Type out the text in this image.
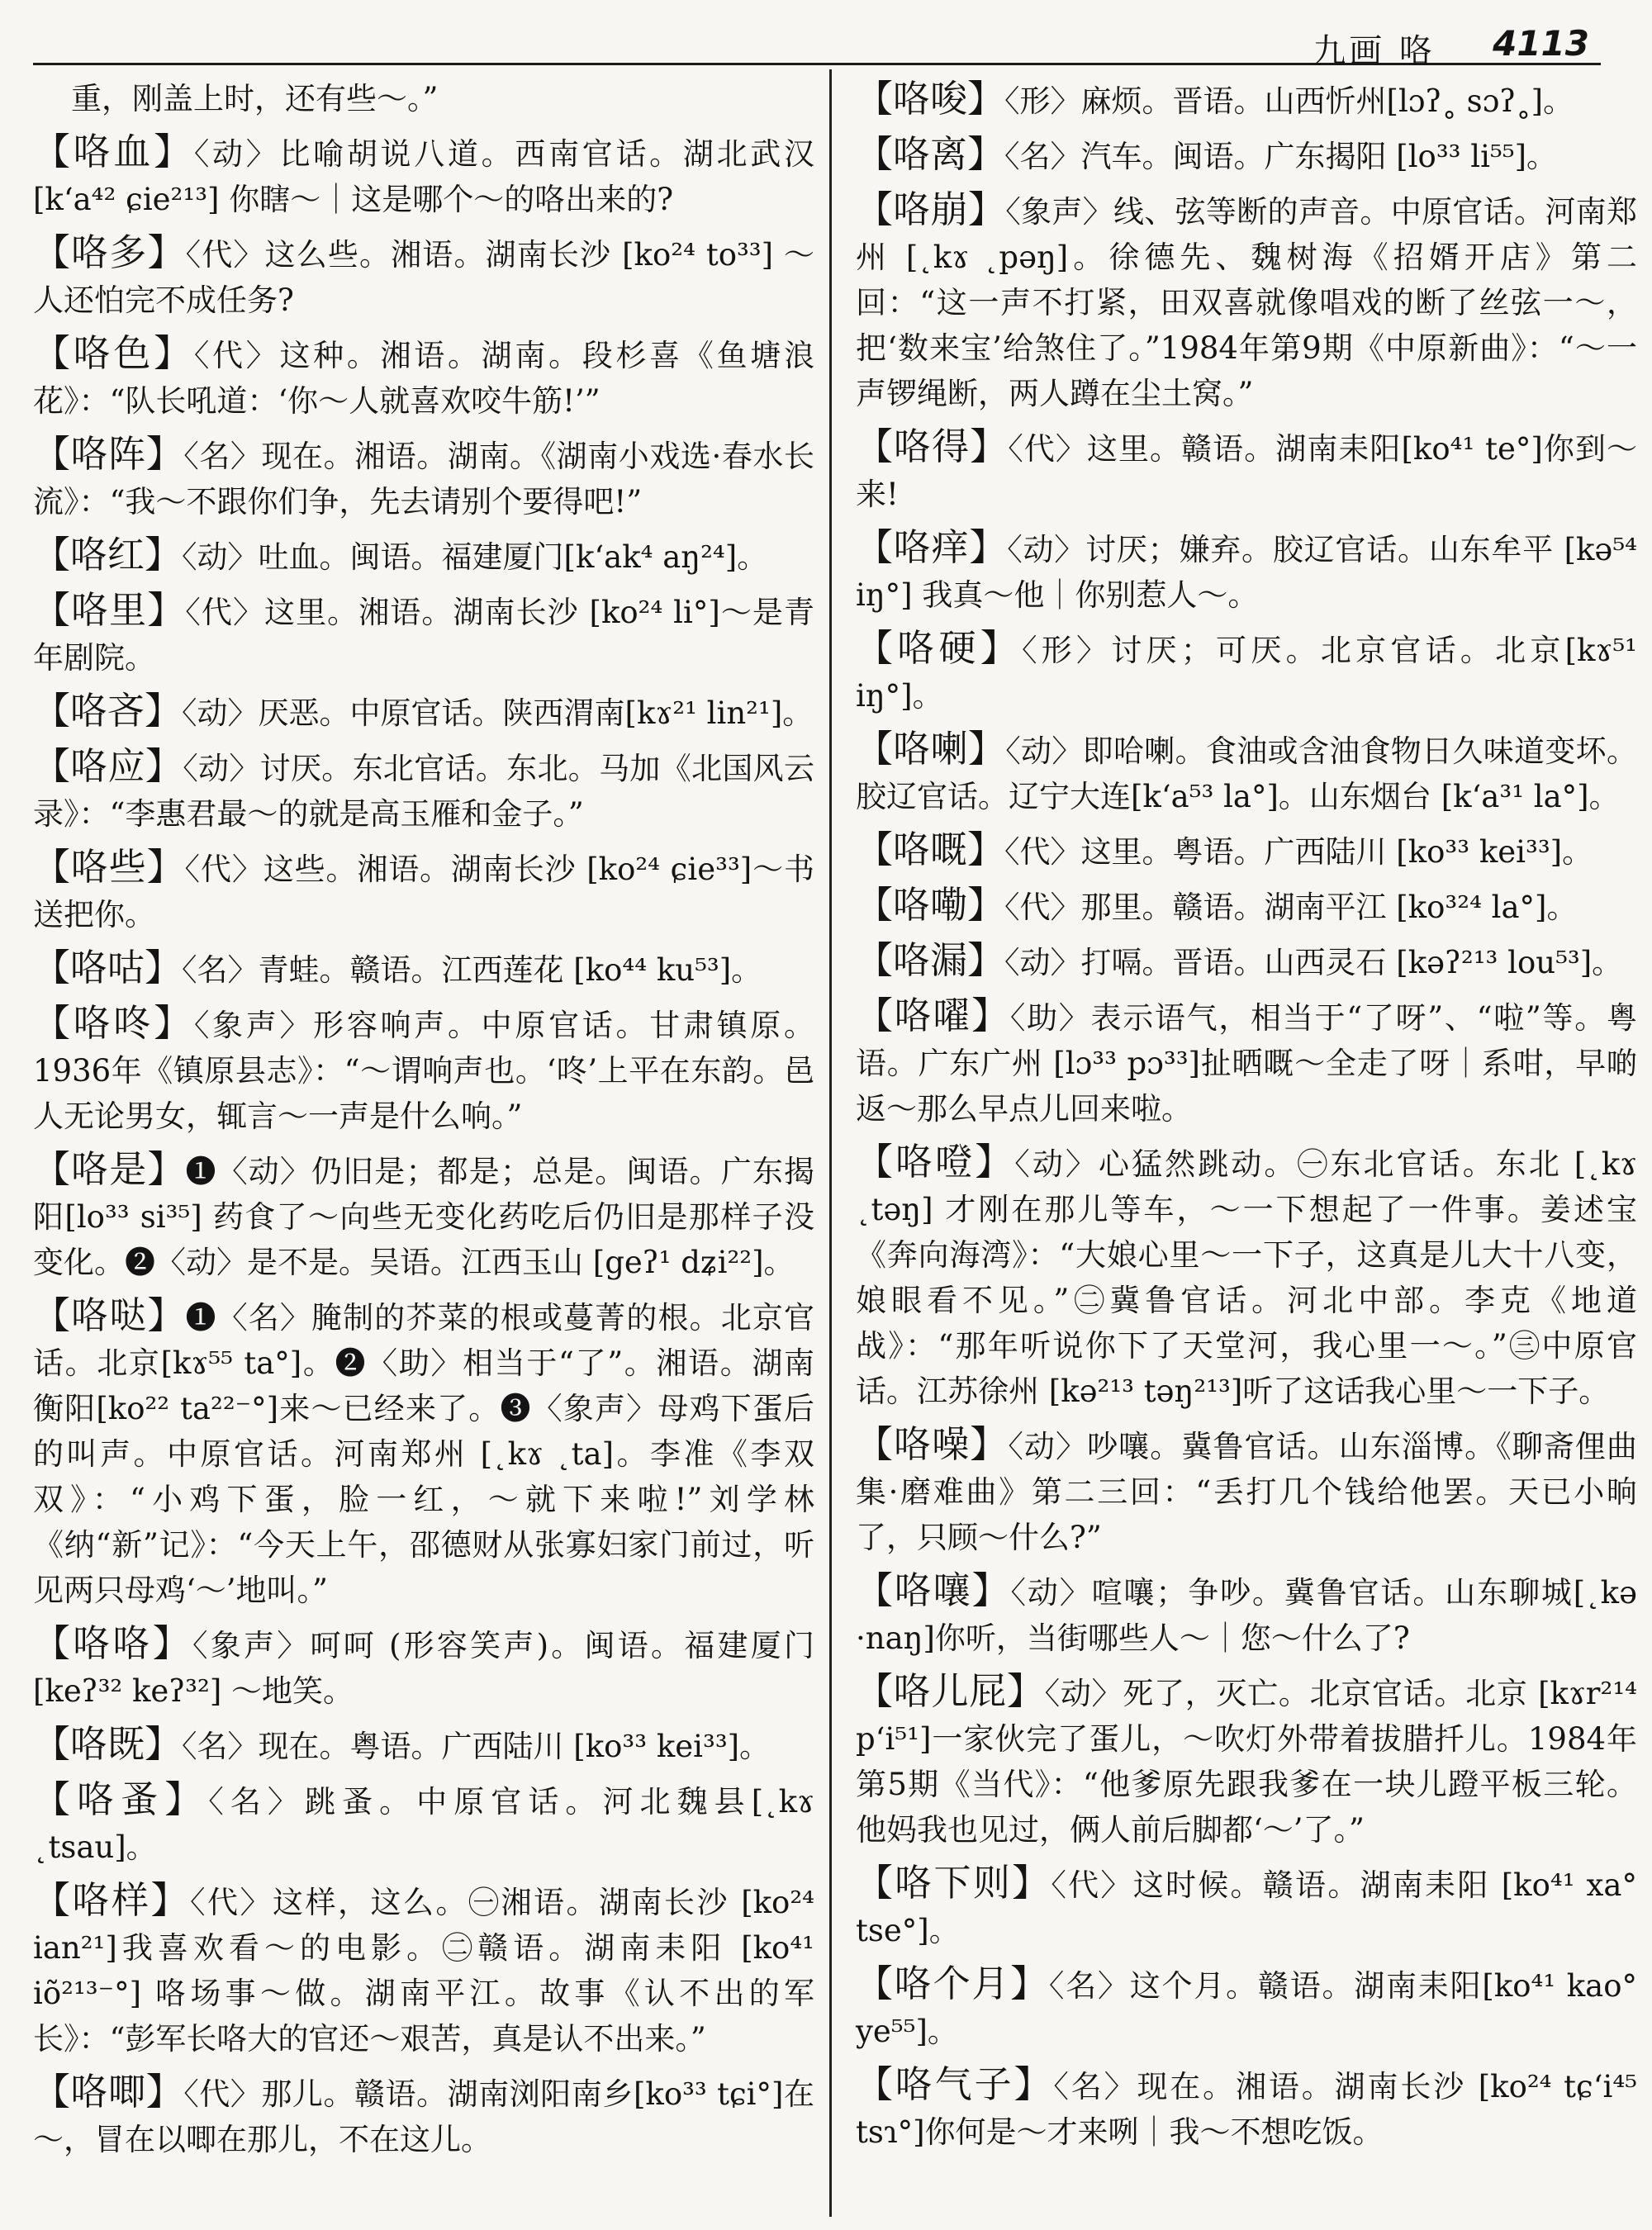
九画 咯 4113
重，刚盖上时，还有些～。”
【咯血】〈动〉比喻胡说八道。西南官话。湖北武汉[k‘a⁴² ɕie²¹³] 你瞎～｜这是哪个～的咯出来的?
【咯多】〈代〉这么些。湘语。湖南长沙 [ko²⁴ to³³] ～人还怕完不成任务?
【咯色】〈代〉这种。湘语。湖南。段杉喜《鱼塘浪花》：“队长吼道：‘你～人就喜欢咬牛筋!’”
【咯阵】〈名〉现在。湘语。湖南。《湖南小戏选·春水长流》：“我～不跟你们争，先去请别个要得吧!”
【咯红】〈动〉吐血。闽语。福建厦门[k‘ak⁴ aŋ²⁴]。
【咯里】〈代〉这里。湘语。湖南长沙 [ko²⁴ li°]～是青年剧院。
【咯吝】〈动〉厌恶。中原官话。陕西渭南[kɤ²¹ lin²¹]。
【咯应】〈动〉讨厌。东北官话。东北。马加《北国风云录》：“李惠君最～的就是高玉雁和金子。”
【咯些】〈代〉这些。湘语。湖南长沙 [ko²⁴ ɕie³³]～书送把你。
【咯咕】〈名〉青蛙。赣语。江西莲花 [ko⁴⁴ ku⁵³]。
【咯咚】〈象声〉形容响声。中原官话。甘肃镇原。1936年《镇原县志》：“～谓响声也。‘咚’上平在东韵。邑人无论男女，辄言～一声是什么响。”
【咯是】❶〈动〉仍旧是；都是；总是。闽语。广东揭阳[lo³³ si³⁵] 药食了～向些无变化药吃后仍旧是那样子没变化。❷〈动〉是不是。吴语。江西玉山 [geʔ¹ dʑi²²]。
【咯哒】❶〈名〉腌制的芥菜的根或蔓菁的根。北京官话。北京[kɤ⁵⁵ ta°]。❷〈助〉相当于“了”。湘语。湖南衡阳[ko²² ta²²⁻°]来～已经来了。❸〈象声〉母鸡下蛋后的叫声。中原官话。河南郑州 [˛kɤ ˛ta]。李准《李双双》：“小鸡下蛋，脸一红，～就下来啦!”刘学林《纳“新”记》：“今天上午，邵德财从张寡妇家门前过，听见两只母鸡‘～’地叫。”
【咯咯】〈象声〉呵呵 (形容笑声)。闽语。福建厦门 [keʔ³² keʔ³²] ～地笑。
【咯既】〈名〉现在。粤语。广西陆川 [ko³³ kei³³]。
【咯蚤】〈名〉跳蚤。中原官话。河北魏县[˛kɤ ˛tsau]。
【咯样】〈代〉这样，这么。㊀湘语。湖南长沙 [ko²⁴ ian²¹]我喜欢看～的电影。㊁赣语。湖南耒阳 [ko⁴¹ iõ²¹³⁻°] 咯场事～做。湖南平江。故事《认不出的军长》：“彭军长咯大的官还～艰苦，真是认不出来。”
【咯唧】〈代〉那儿。赣语。湖南浏阳南乡[ko³³ tɕi°]在～，冒在以唧在那儿，不在这儿。
【咯唆】〈形〉麻烦。晋语。山西忻州[lɔʔ˳ sɔʔ˳]。
【咯离】〈名〉汽车。闽语。广东揭阳 [lo³³ li⁵⁵]。
【咯崩】〈象声〉线、弦等断的声音。中原官话。河南郑州 [˛kɤ ˛pəŋ]。徐德先、魏树海《招婿开店》第二回：“这一声不打紧，田双喜就像唱戏的断了丝弦一～，把‘数来宝’给煞住了。”1984年第9期《中原新曲》：“～一声锣绳断，两人蹲在尘土窝。”
【咯得】〈代〉这里。赣语。湖南耒阳[ko⁴¹ te°]你到～来!
【咯痒】〈动〉讨厌；嫌弃。胶辽官话。山东牟平 [kə⁵⁴ iŋ°] 我真～他｜你别惹人～。
【咯硬】〈形〉讨厌；可厌。北京官话。北京[kɤ⁵¹ iŋ°]。
【咯喇】〈动〉即哈喇。食油或含油食物日久味道变坏。胶辽官话。辽宁大连[k‘a⁵³ la°]。山东烟台 [k‘a³¹ la°]。
【咯嘅】〈代〉这里。粤语。广西陆川 [ko³³ kei³³]。
【咯嘞】〈代〉那里。赣语。湖南平江 [ko³²⁴ la°]。
【咯漏】〈动〉打嗝。晋语。山西灵石 [kəʔ²¹³ lou⁵³]。
【咯嚁】〈助〉表示语气，相当于“了呀”、“啦”等。粤语。广东广州 [lɔ³³ pɔ³³]扯晒嘅～全走了呀｜系咁，早啲返～那么早点儿回来啦。
【咯噔】〈动〉心猛然跳动。㊀东北官话。东北 [˛kɤ ˛təŋ] 才刚在那儿等车，～一下想起了一件事。姜述宝《奔向海湾》：“大娘心里～一下子，这真是儿大十八变，娘眼看不见。”㊁冀鲁官话。河北中部。李克《地道战》：“那年听说你下了天堂河，我心里一～。”㊂中原官话。江苏徐州 [kə²¹³ təŋ²¹³]听了这话我心里～一下子。
【咯噪】〈动〉吵嚷。冀鲁官话。山东淄博。《聊斋俚曲集·磨难曲》第二三回：“丢打几个钱给他罢。天已小晌了，只顾～什么?”
【咯嚷】〈动〉喧嚷；争吵。冀鲁官话。山东聊城[˛kə ·naŋ]你听，当街哪些人～｜您～什么了?
【咯儿屁】〈动〉死了，灭亡。北京官话。北京 [kɤr²¹⁴ p‘i⁵¹]一家伙完了蛋儿，～吹灯外带着拔腊扦儿。1984年第5期《当代》：“他爹原先跟我爹在一块儿蹬平板三轮。他妈我也见过，俩人前后脚都‘～’了。”
【咯下则】〈代〉这时候。赣语。湖南耒阳 [ko⁴¹ xa° tse°]。
【咯个月】〈名〉这个月。赣语。湖南耒阳[ko⁴¹ kao° ye⁵⁵]。
【咯气子】〈名〉现在。湘语。湖南长沙 [ko²⁴ tɕ‘i⁴⁵ tsɿ°]你何是～才来咧｜我～不想吃饭。
